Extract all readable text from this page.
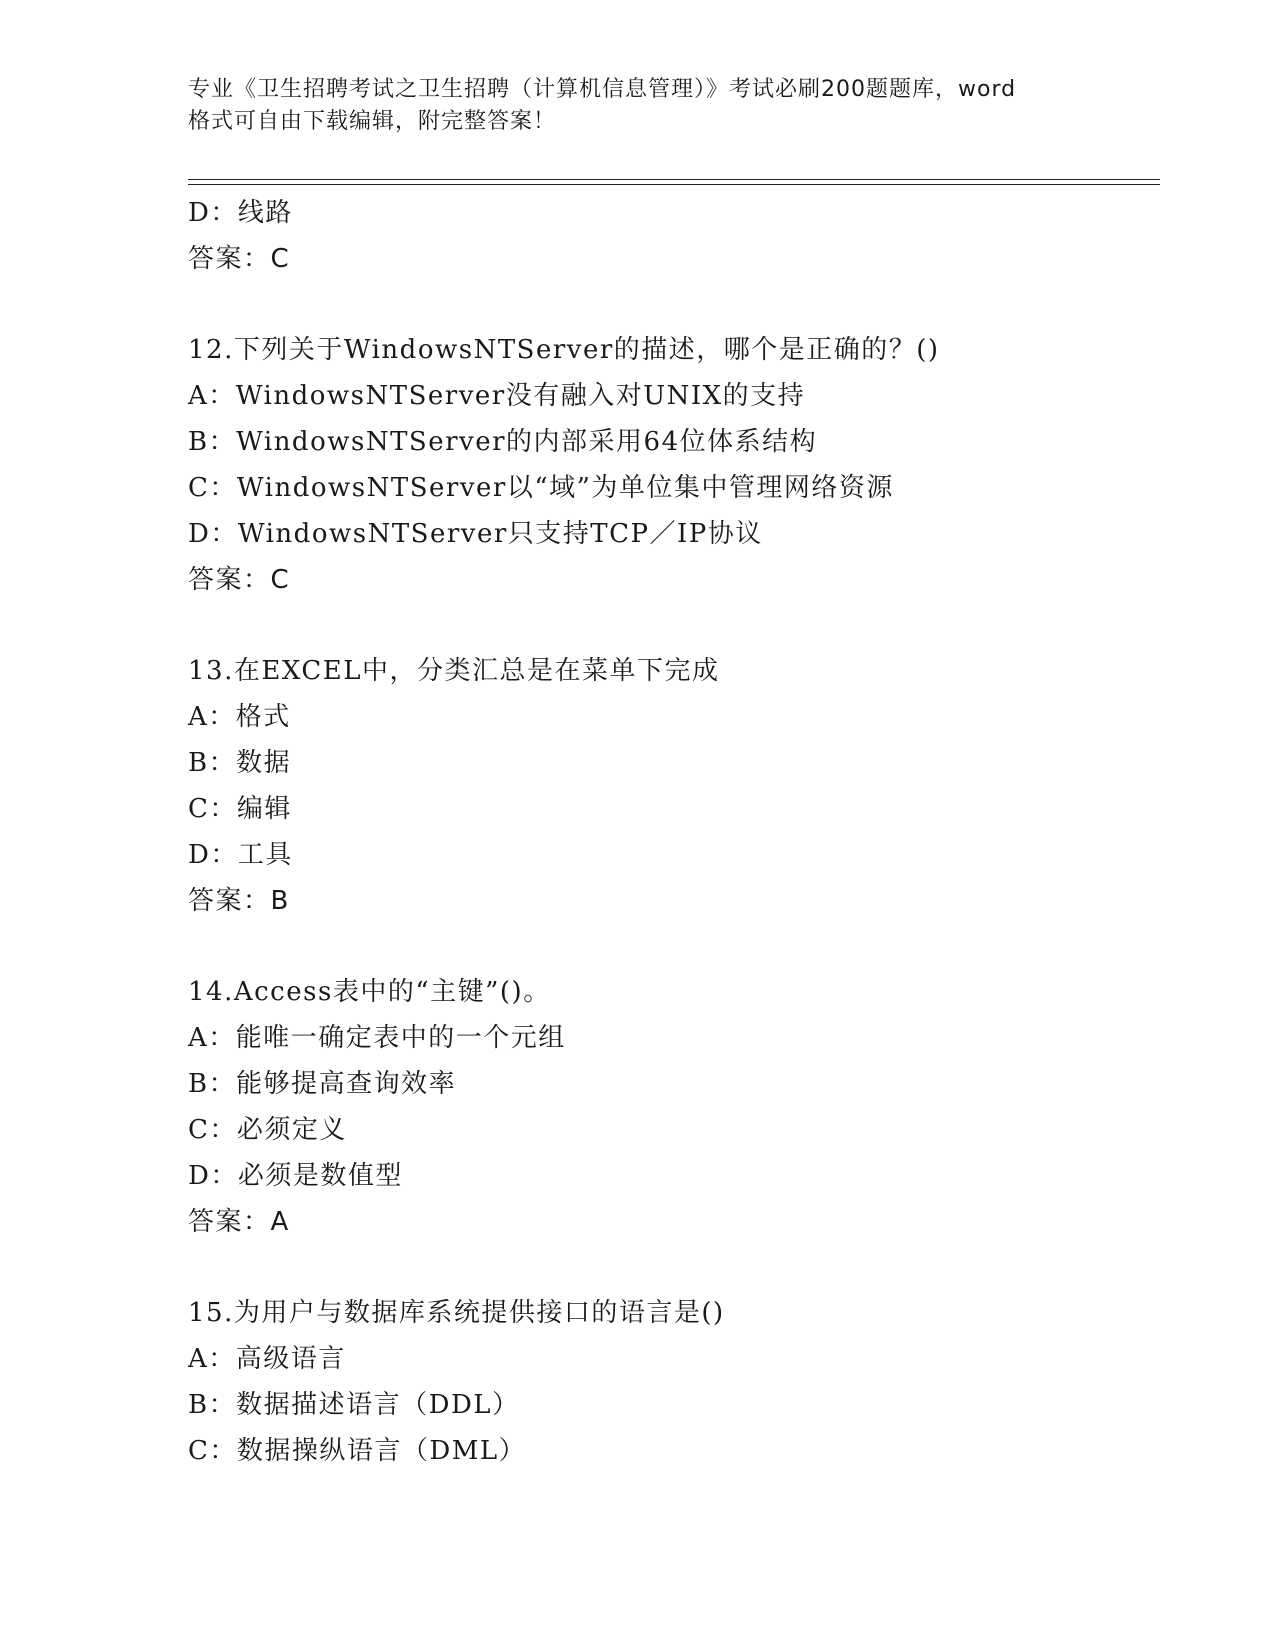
专业《卫生招聘考试之卫生招聘（计算机信息管理）》考试必刷200题题库，word
格式可自由下载编辑，附完整答案！
D：线路
答案：C
12.下列关于WindowsNTServer的描述，哪个是正确的？()
A：WindowsNTServer没有融入对UNIX的支持
B：WindowsNTServer的内部采用64位体系结构
C：WindowsNTServer以“域”为单位集中管理网络资源
D：WindowsNTServer只支持TCP／IP协议
答案：C
13.在EXCEL中，分类汇总是在菜单下完成
A：格式
B：数据
C：编辑
D：工具
答案：B
14.Access表中的“主键”()。
A：能唯一确定表中的一个元组
B：能够提高查询效率
C：必须定义
D：必须是数值型
答案：A
15.为用户与数据库系统提供接口的语言是()
A：高级语言
B：数据描述语言（DDL）
C：数据操纵语言（DML）
